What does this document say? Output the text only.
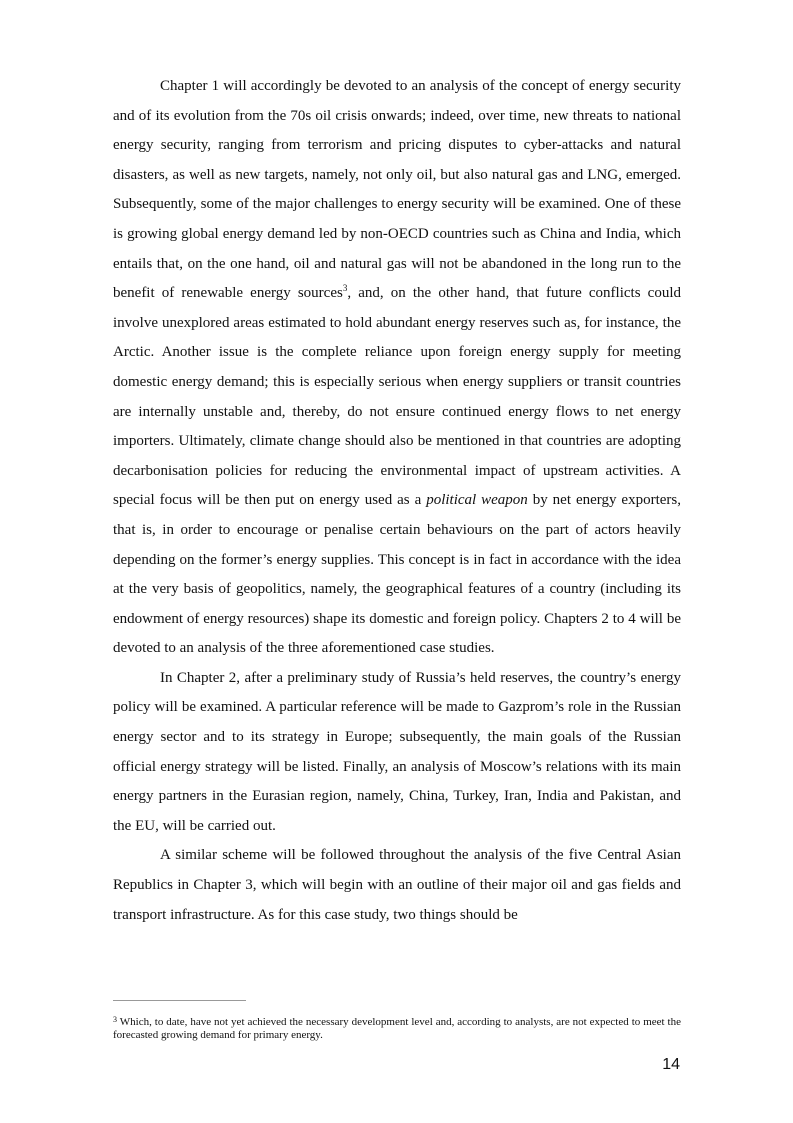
Chapter 1 will accordingly be devoted to an analysis of the concept of energy security and of its evolution from the 70s oil crisis onwards; indeed, over time, new threats to national energy security, ranging from terrorism and pricing disputes to cyber-attacks and natural disasters, as well as new targets, namely, not only oil, but also natural gas and LNG, emerged. Subsequently, some of the major challenges to energy security will be examined. One of these is growing global energy demand led by non-OECD countries such as China and India, which entails that, on the one hand, oil and natural gas will not be abandoned in the long run to the benefit of renewable energy sources$^3$, and, on the other hand, that future conflicts could involve unexplored areas estimated to hold abundant energy reserves such as, for instance, the Arctic. Another issue is the complete reliance upon foreign energy supply for meeting domestic energy demand; this is especially serious when energy suppliers or transit countries are internally unstable and, thereby, do not ensure continued energy flows to net energy importers. Ultimately, climate change should also be mentioned in that countries are adopting decarbonisation policies for reducing the environmental impact of upstream activities. A special focus will be then put on energy used as a political weapon by net energy exporters, that is, in order to encourage or penalise certain behaviours on the part of actors heavily depending on the former’s energy supplies. This concept is in fact in accordance with the idea at the very basis of geopolitics, namely, the geographical features of a country (including its endowment of energy resources) shape its domestic and foreign policy. Chapters 2 to 4 will be devoted to an analysis of the three aforementioned case studies.

In Chapter 2, after a preliminary study of Russia’s held reserves, the country’s energy policy will be examined. A particular reference will be made to Gazprom’s role in the Russian energy sector and to its strategy in Europe; subsequently, the main goals of the Russian official energy strategy will be listed. Finally, an analysis of Moscow’s relations with its main energy partners in the Eurasian region, namely, China, Turkey, Iran, India and Pakistan, and the EU, will be carried out.

A similar scheme will be followed throughout the analysis of the five Central Asian Republics in Chapter 3, which will begin with an outline of their major oil and gas fields and transport infrastructure. As for this case study, two things should be

$^3$ Which, to date, have not yet achieved the necessary development level and, according to analysts, are not expected to meet the forecasted growing demand for primary energy.
14
